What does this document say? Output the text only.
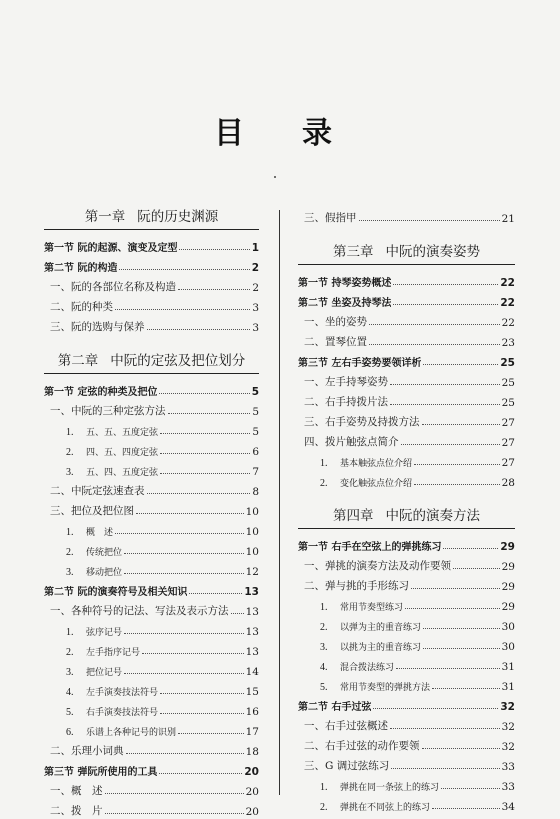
目　录
第一章 阮的历史渊源
第一节 阮的起源、演变及定型	1
第二节 阮的构造	2
一、阮的各部位名称及构造	2
二、阮的种类	3
三、阮的选购与保养	3
第二章 中阮的定弦及把位划分
第一节 定弦的种类及把位	5
一、中阮的三种定弦方法	5
1. 五、五、五度定弦	5
2. 四、五、四度定弦	6
3. 五、四、五度定弦	7
二、中阮定弦速查表	8
三、把位及把位图	10
1. 概　述	10
2. 传统把位	10
3. 移动把位	12
第二节 阮的演奏符号及相关知识	13
一、各种符号的记法、写法及表示方法 13
1. 弦序记号	13
2. 左手指序记号	13
3. 把位记号	14
4. 左手演奏技法符号	15
5. 右手演奏技法符号	16
6. 乐谱上各种记号的识别	17
二、乐理小词典	18
第三节 弹阮所使用的工具	20
一、概　述	20
二、拨　片	20
三、假指甲	21
第三章 中阮的演奏姿势
第一节 持琴姿势概述	22
第二节 坐姿及持琴法	22
一、坐的姿势	22
二、置琴位置	23
第三节 左右手姿势要领详析	25
一、左手持琴姿势	25
二、右手持拨片法	25
三、右手姿势及持拨方法	27
四、拨片触弦点简介	27
1. 基本触弦点位介绍	27
2. 变化触弦点位介绍	28
第四章 中阮的演奏方法
第一节 右手在空弦上的弹挑练习	29
一、弹挑的演奏方法及动作要领	29
二、弹与挑的手形练习	29
1. 常用节奏型练习	29
2. 以弹为主的重音练习	30
3. 以挑为主的重音练习	30
4. 混合拨法练习	31
5. 常用节奏型的弹挑方法	31
第二节 右手过弦	32
一、右手过弦概述	32
二、右手过弦的动作要领	32
三、G 调过弦练习	33
1. 弹挑在同一条弦上的练习	33
2. 弹挑在不同弦上的练习	34
